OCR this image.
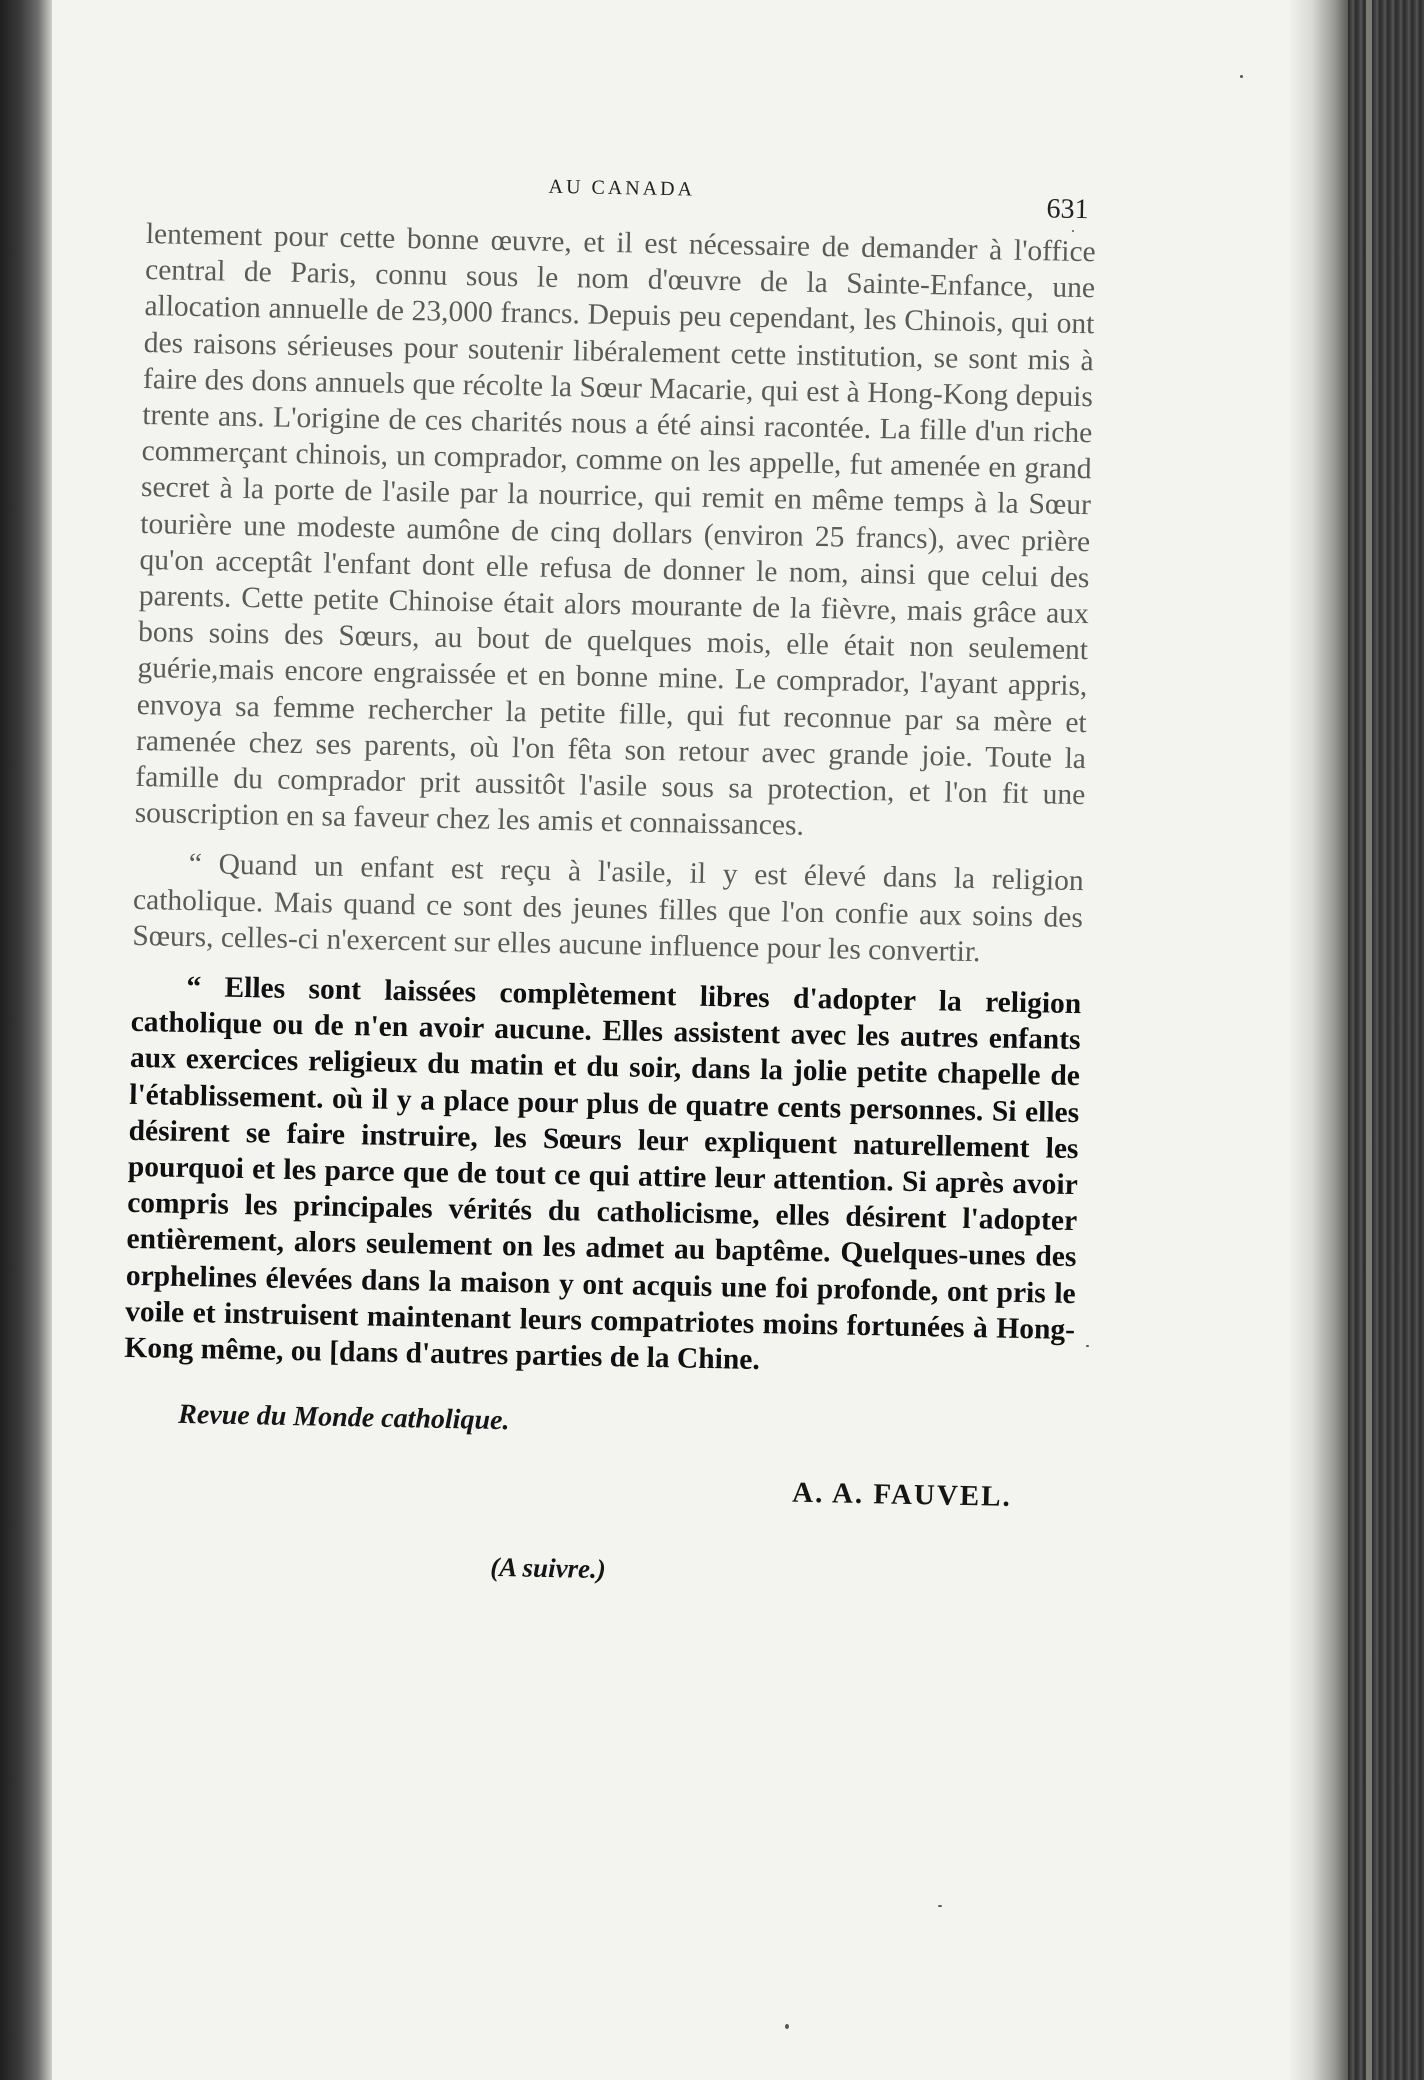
AU CANADA
631

lentement pour cette bonne œuvre, et il est nécessaire de demander à l'office central de Paris, connu sous le nom d'œuvre de la Sainte-Enfance, une allocation annuelle de 23,000 francs. Depuis peu cependant, les Chinois, qui ont des raisons sérieuses pour soutenir libéralement cette institution, se sont mis à faire des dons annuels que récolte la Sœur Macarie, qui est à Hong-Kong depuis trente ans. L'origine de ces charités nous a été ainsi racontée. La fille d'un riche commerçant chinois, un comprador, comme on les appelle, fut amenée en grand secret à la porte de l'asile par la nourrice, qui remit en même temps à la Sœur tourière une modeste aumône de cinq dollars (environ 25 francs), avec prière qu'on acceptât l'enfant dont elle refusa de donner le nom, ainsi que celui des parents. Cette petite Chinoise était alors mourante de la fièvre, mais grâce aux bons soins des Sœurs, au bout de quelques mois, elle était non seulement guérie,mais encore engraissée et en bonne mine. Le comprador, l'ayant appris, envoya sa femme rechercher la petite fille, qui fut reconnue par sa mère et ramenée chez ses parents, où l'on fêta son retour avec grande joie. Toute la famille du comprador prit aussitôt l'asile sous sa protection, et l'on fit une souscription en sa faveur chez les amis et connaissances.

“ Quand un enfant est reçu à l'asile, il y est élevé dans la religion catholique. Mais quand ce sont des jeunes filles que l'on confie aux soins des Sœurs, celles-ci n'exercent sur elles aucune influence pour les convertir.

“ Elles sont laissées complètement libres d'adopter la religion catholique ou de n'en avoir aucune. Elles assistent avec les autres enfants aux exercices religieux du matin et du soir, dans la jolie petite chapelle de l'établissement. où il y a place pour plus de quatre cents personnes. Si elles désirent se faire instruire, les Sœurs leur expliquent naturellement les pourquoi et les parce que de tout ce qui attire leur attention. Si après avoir compris les principales vérités du catholicisme, elles désirent l'adopter entièrement, alors seulement on les admet au baptême. Quelques-unes des orphelines élevées dans la maison y ont acquis une foi profonde, ont pris le voile et instruisent maintenant leurs compatriotes moins fortunées à Hong-Kong même, ou [dans d'autres parties de la Chine.

Revue du Monde catholique.
A. A. FAUVEL.
(A suivre.)
